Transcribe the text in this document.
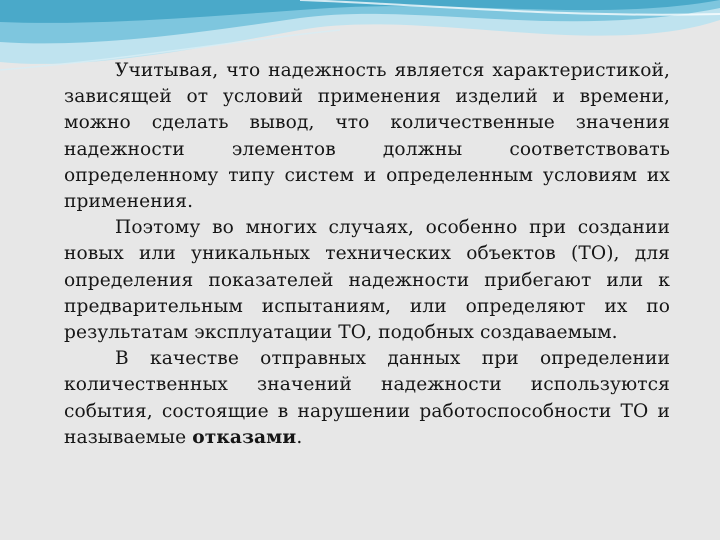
Учитывая, что надежность является характеристикой, зависящей от условий применения изделий и времени, можно сделать вывод, что количественные значения надежности элементов должны соответствовать определенному типу систем и определенным условиям их применения.

Поэтому во многих случаях, особенно при создании новых или уникальных технических объектов (ТО), для определения показателей надежности прибегают или к предварительным испытаниям, или определяют их по результатам эксплуатации ТО, подобных создаваемым.

В качестве отправных данных при определении количественных значений надежности используются события, состоящие в нарушении работоспособности ТО и называемые отказами.
